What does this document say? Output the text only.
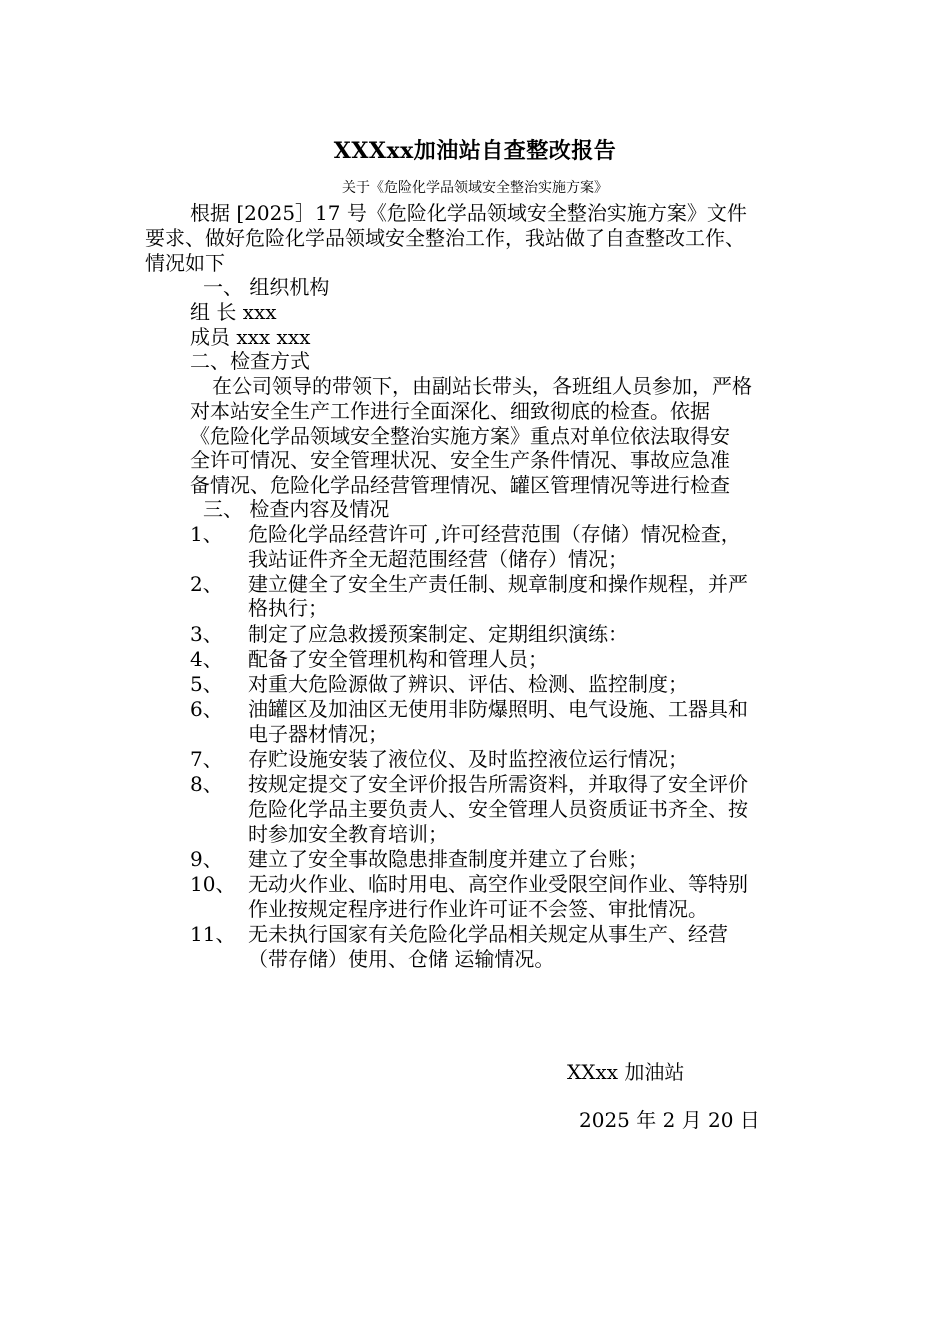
XXXxx加油站自查整改报告
关于《危险化学品领域安全整治实施方案》
根据 [2025］17 号《危险化学品领域安全整治实施方案》文件
要求、做好危险化学品领域安全整治工作，我站做了自查整改工作、
情况如下
一、 组织机构
组 长 xxx
成员 xxx xxx
二、检查方式
在公司领导的带领下，由副站长带头，各班组人员参加，严格
对本站安全生产工作进行全面深化、细致彻底的检查。依据
《危险化学品领域安全整治实施方案》重点对单位依法取得安
全许可情况、安全管理状况、安全生产条件情况、事故应急准
备情况、危险化学品经营管理情况、罐区管理情况等进行检查
三、 检查内容及情况
1、 危险化学品经营许可 ,许可经营范围（存储）情况检查，
我站证件齐全无超范围经营（储存）情况；
2、 建立健全了安全生产责任制、规章制度和操作规程，并严
格执行；
3、 制定了应急救援预案制定、定期组织演练：
4、 配备了安全管理机构和管理人员；
5、 对重大危险源做了辨识、评估、检测、监控制度；
6、 油罐区及加油区无使用非防爆照明、电气设施、工器具和
电子器材情况；
7、 存贮设施安装了液位仪、及时监控液位运行情况；
8、 按规定提交了安全评价报告所需资料，并取得了安全评价
危险化学品主要负责人、安全管理人员资质证书齐全、按
时参加安全教育培训；
9、 建立了安全事故隐患排查制度并建立了台账；
10、 无动火作业、临时用电、高空作业受限空间作业、等特别
作业按规定程序进行作业许可证不会签、审批情况。
11、 无未执行国家有关危险化学品相关规定从事生产、经营
（带存储）使用、仓储 运输情况。
XXxx 加油站
2025 年 2 月 20 日
